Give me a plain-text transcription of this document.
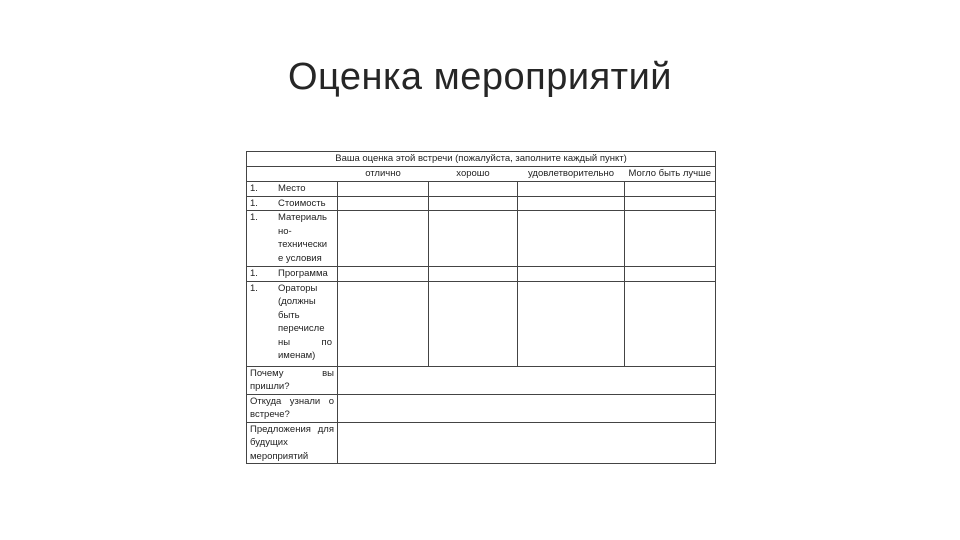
Оценка мероприятий
Ваша оценка этой встречи (пожалуйста, заполните каждый пункт)				
	отлично	хорошо	удовлетворительно	Могло быть лучше
1. Место				
1. Стоимость				
1. Материаль но-технически е условия				
1. Программа				
1. Ораторы (должны быть перечисле ны по именам)				
Почему вы пришли?				
Откуда узнали о встрече?				
Предложения для будущих мероприятий				
